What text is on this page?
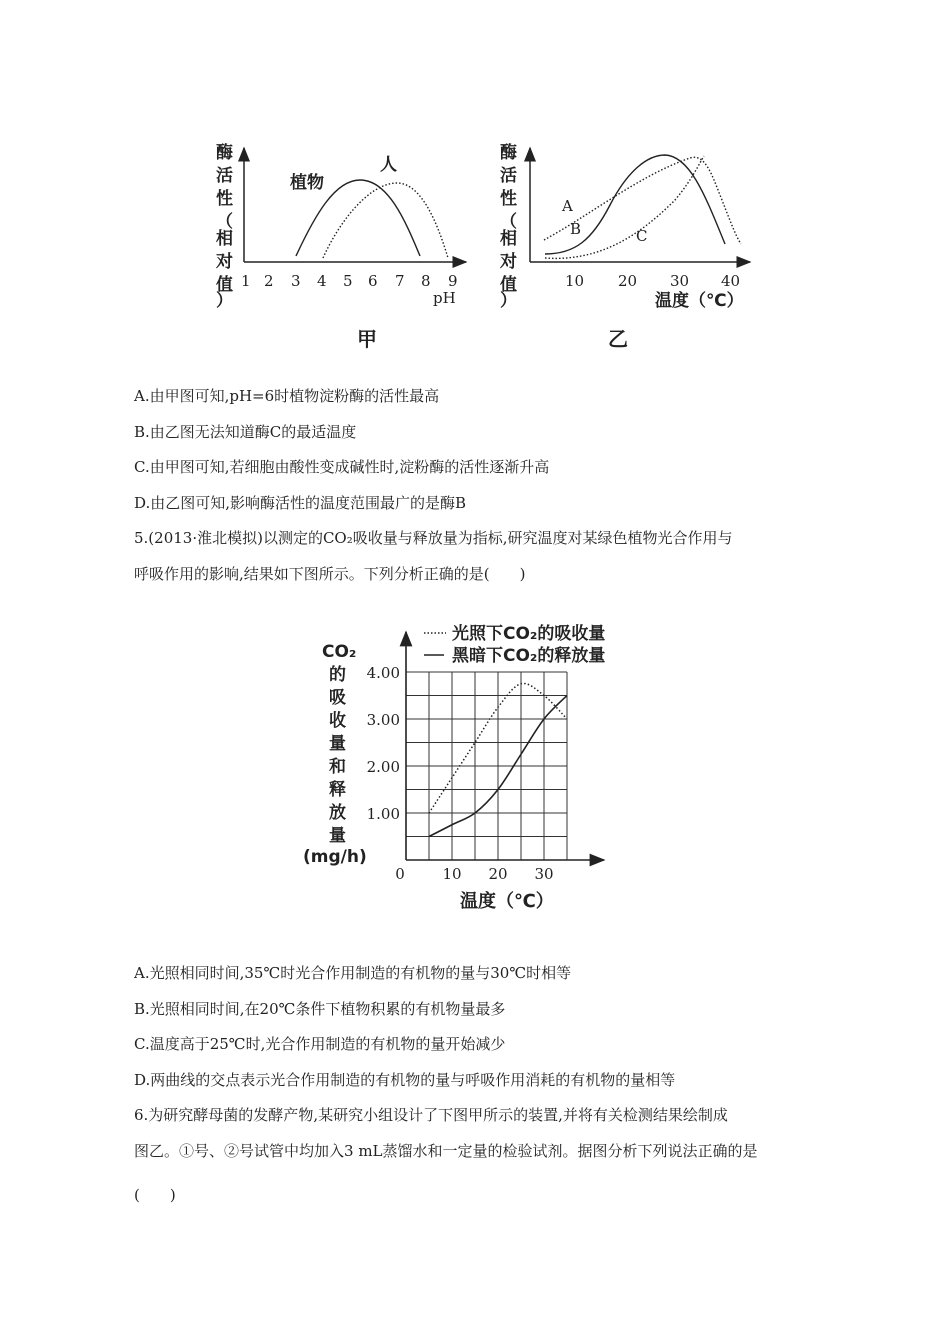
酶
活
性
（
相
对
值
）
1 2 3 4 5 6 7 8 9
pH
植物
人
甲
酶
活
性
（
相
对
值
）
10 20 30 40
温度（℃）
A
B	C
乙
A.由甲图可知,pH=6时植物淀粉酶的活性最高
B.由乙图无法知道酶C的最适温度
C.由甲图可知,若细胞由酸性变成碱性时,淀粉酶的活性逐渐升高
D.由乙图可知,影响酶活性的温度范围最广的是酶B
5.(2013·淮北模拟)以测定的CO₂吸收量与释放量为指标,研究温度对某绿色植物光合作用与
呼吸作用的影响,结果如下图所示。下列分析正确的是(　　)
光照下CO₂的吸收量
黑暗下CO₂的释放量
CO₂
的
吸
收
量
和
释
放
量
(mg/h)
1.00
2.00
3.00
4.00
0	10 20 30
温度（℃）
A.光照相同时间,35℃时光合作用制造的有机物的量与30℃时相等
B.光照相同时间,在20℃条件下植物积累的有机物量最多
C.温度高于25℃时,光合作用制造的有机物的量开始减少
D.两曲线的交点表示光合作用制造的有机物的量与呼吸作用消耗的有机物的量相等
6.为研究酵母菌的发酵产物,某研究小组设计了下图甲所示的装置,并将有关检测结果绘制成
图乙。①号、②号试管中均加入3 mL蒸馏水和一定量的检验试剂。据图分析下列说法正确的是
(　　)
